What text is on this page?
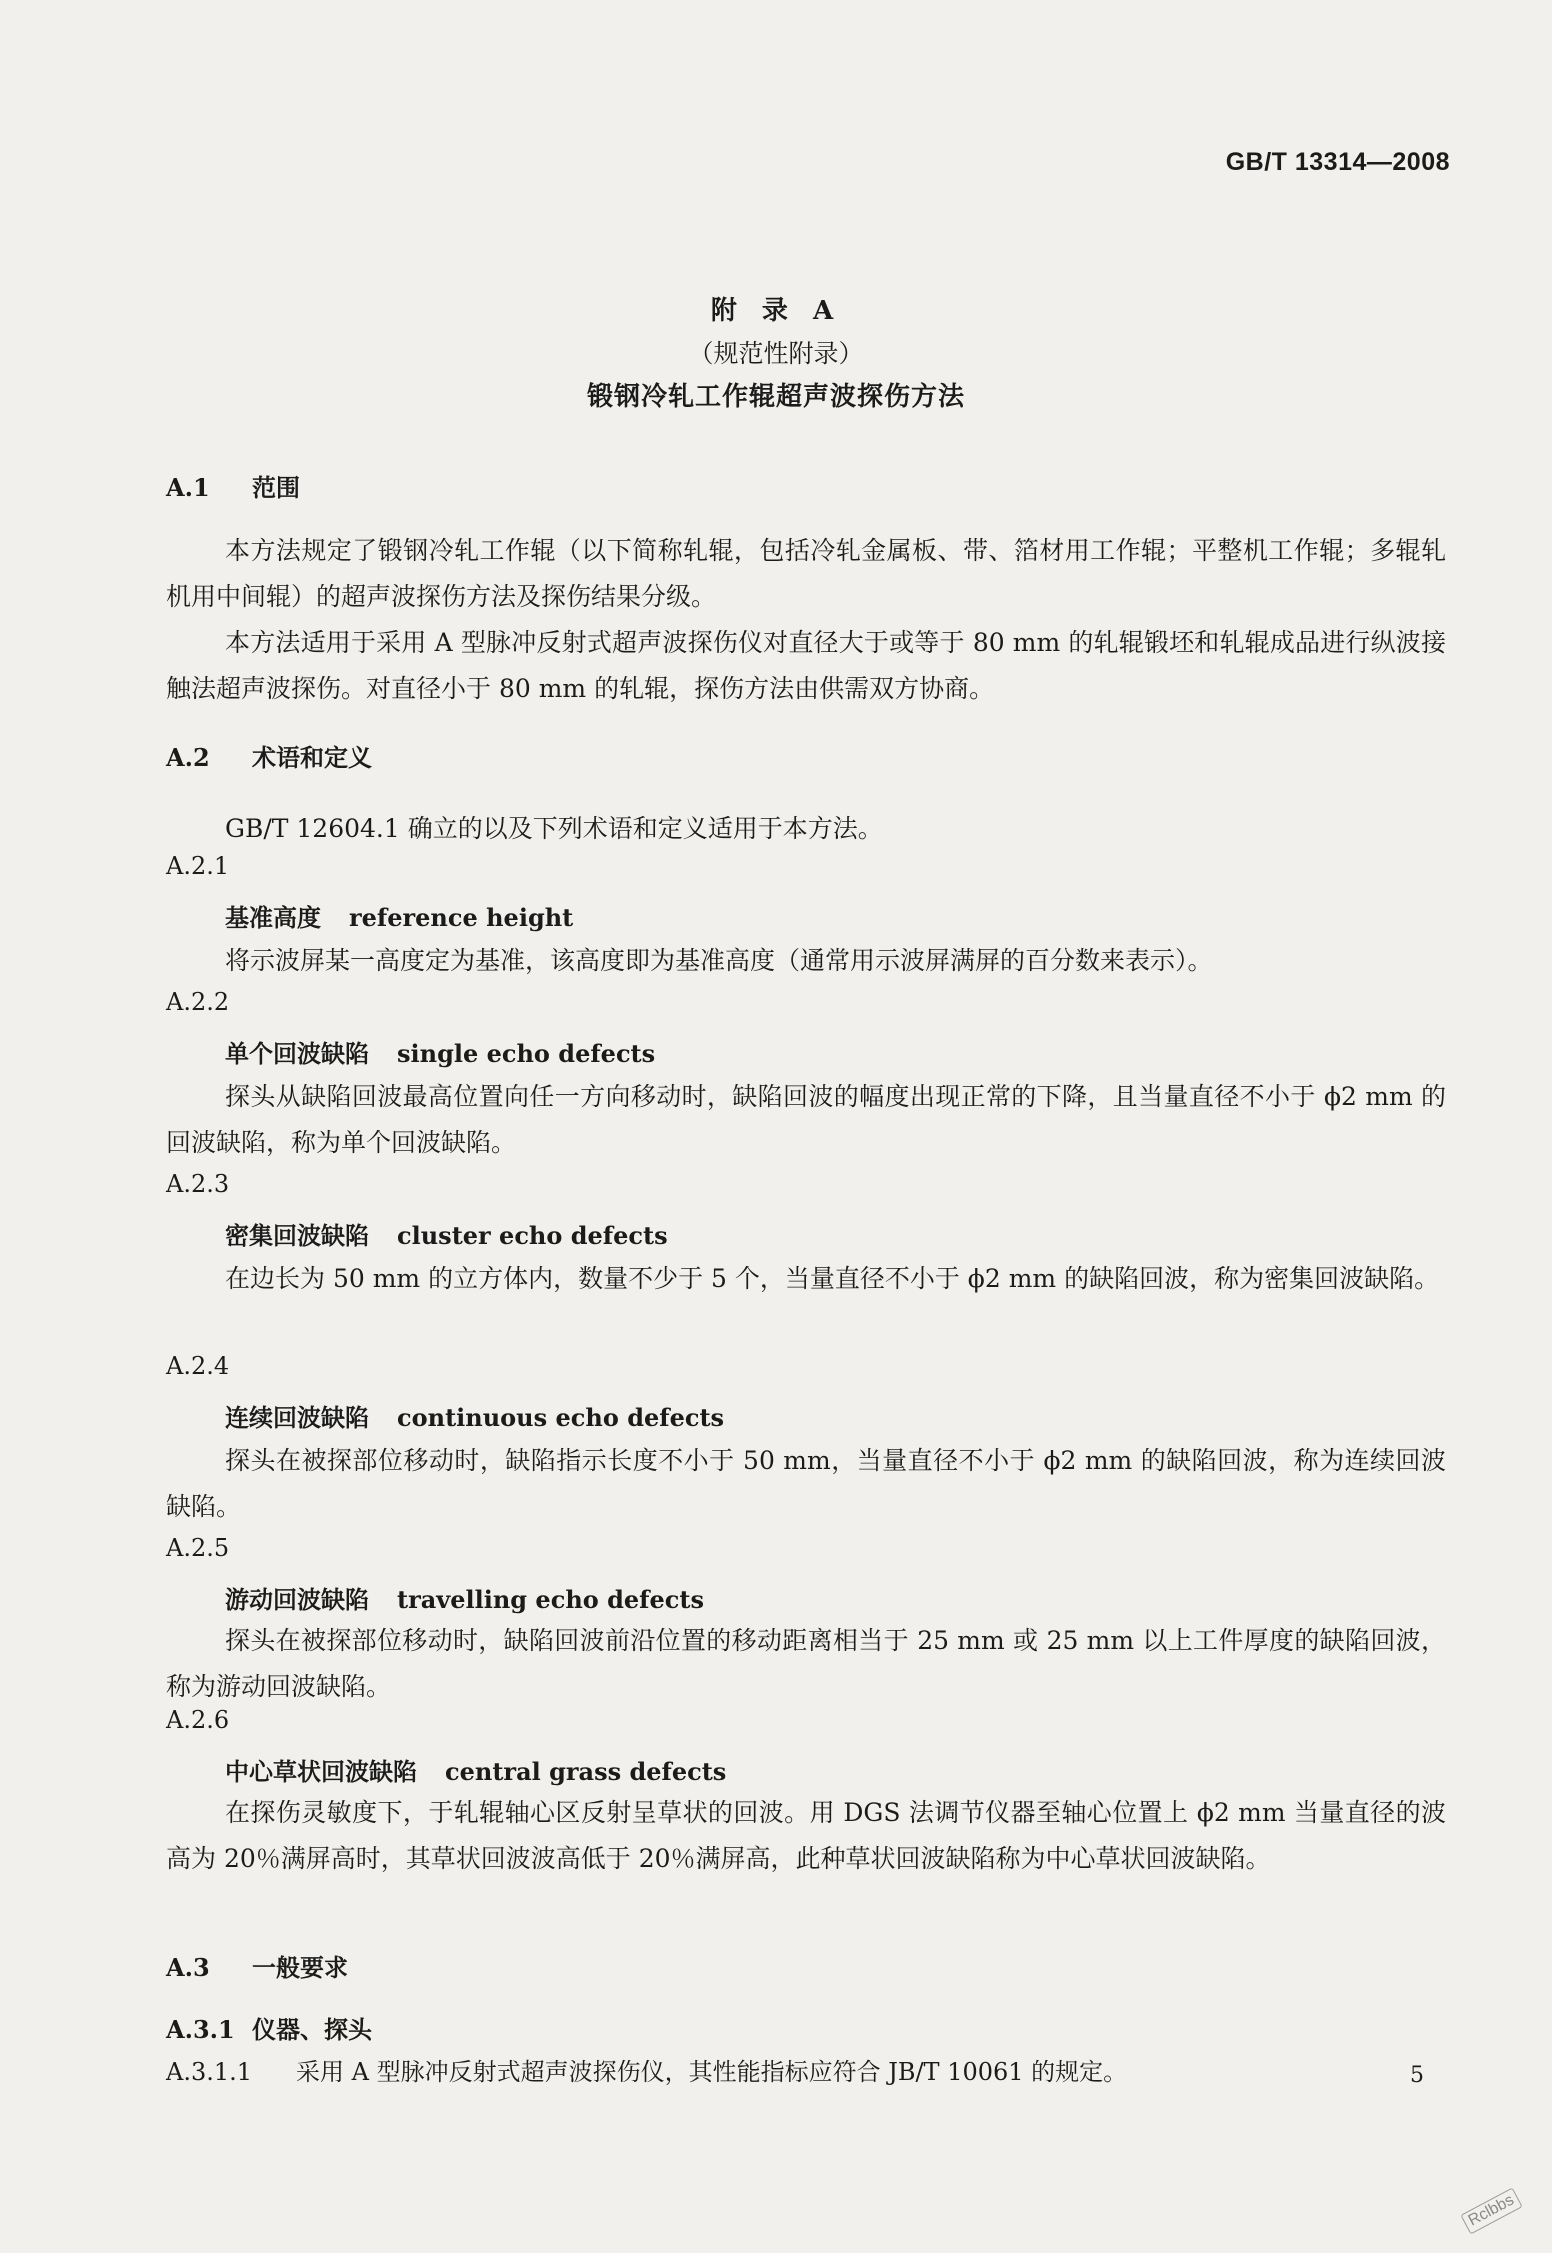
GB/T 13314—2008
附 录 A
（规范性附录）
锻钢冷轧工作辊超声波探伤方法
A.1 范围
本方法规定了锻钢冷轧工作辊（以下简称轧辊，包括冷轧金属板、带、箔材用工作辊；平整机工作辊；多辊轧机用中间辊）的超声波探伤方法及探伤结果分级。
本方法适用于采用 A 型脉冲反射式超声波探伤仪对直径大于或等于 80 mm 的轧辊锻坯和轧辊成品进行纵波接触法超声波探伤。对直径小于 80 mm 的轧辊，探伤方法由供需双方协商。
A.2 术语和定义
GB/T 12604.1 确立的以及下列术语和定义适用于本方法。
A.2.1
基准高度 reference height
将示波屏某一高度定为基准，该高度即为基准高度（通常用示波屏满屏的百分数来表示）。
A.2.2
单个回波缺陷 single echo defects
探头从缺陷回波最高位置向任一方向移动时，缺陷回波的幅度出现正常的下降，且当量直径不小于 ϕ2 mm 的回波缺陷，称为单个回波缺陷。
A.2.3
密集回波缺陷 cluster echo defects
在边长为 50 mm 的立方体内，数量不少于 5 个，当量直径不小于 ϕ2 mm 的缺陷回波，称为密集回波缺陷。
A.2.4
连续回波缺陷 continuous echo defects
探头在被探部位移动时，缺陷指示长度不小于 50 mm，当量直径不小于 ϕ2 mm 的缺陷回波，称为连续回波缺陷。
A.2.5
游动回波缺陷 travelling echo defects
探头在被探部位移动时，缺陷回波前沿位置的移动距离相当于 25 mm 或 25 mm 以上工件厚度的缺陷回波，称为游动回波缺陷。
A.2.6
中心草状回波缺陷 central grass defects
在探伤灵敏度下，于轧辊轴心区反射呈草状的回波。用 DGS 法调节仪器至轴心位置上 ϕ2 mm 当量直径的波高为 20％满屏高时，其草状回波波高低于 20％满屏高，此种草状回波缺陷称为中心草状回波缺陷。
A.3 一般要求
A.3.1 仪器、探头
A.3.1.1 采用 A 型脉冲反射式超声波探伤仪，其性能指标应符合 JB/T 10061 的规定。	5
Rclbbs
